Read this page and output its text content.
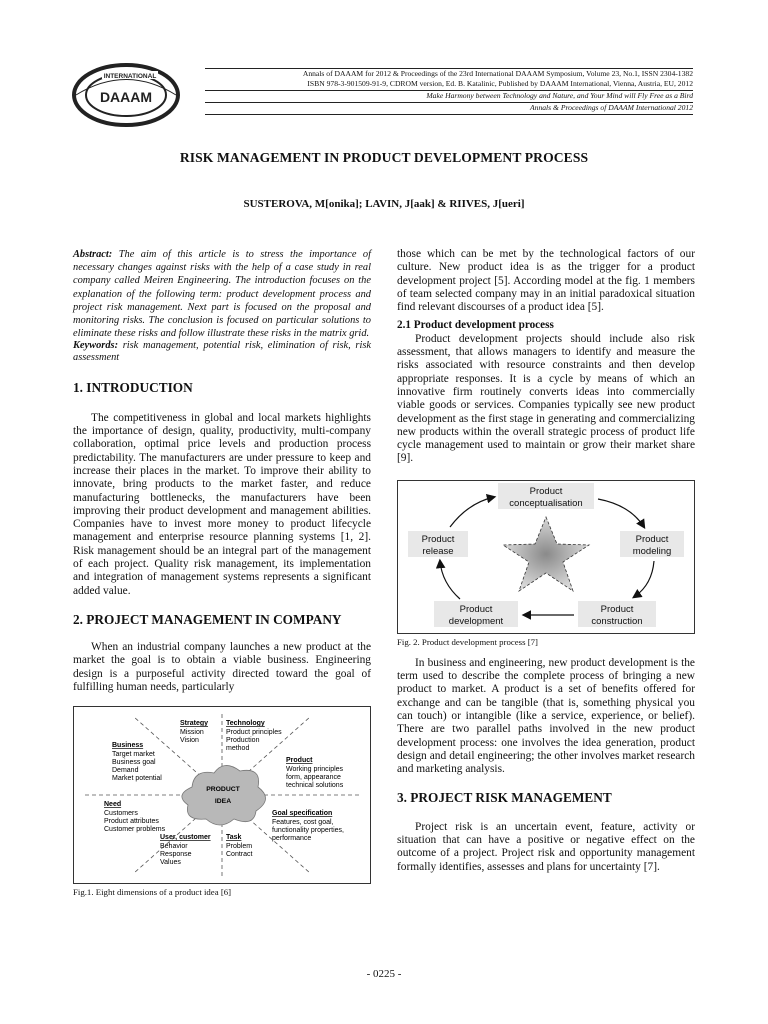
INTERNATIONAL
DAAAM
Annals of DAAAM for 2012 & Proceedings of the 23rd International DAAAM Symposium, Volume 23, No.1, ISSN 2304-1382
ISBN 978-3-901509-91-9, CDROM version, Ed. B. Katalinic, Published by DAAAM International, Vienna, Austria, EU, 2012
Make Harmony between Technology and Nature, and Your Mind will Fly Free as a Bird
Annals & Proceedings of DAAAM International 2012
RISK MANAGEMENT IN PRODUCT DEVELOPMENT PROCESS
SUSTEROVA, M[onika]; LAVIN, J[aak] & RIIVES, J[ueri]

Abstract: The aim of this article is to stress the importance of necessary changes against risks with the help of a case study in real company called Meiren Engineering. The introduction focuses on the explanation of the following term: product development process and project risk management. Next part is focused on the proposal and monitoring risks. The conclusion is focused on particular solutions to eliminate these risks and follow illustrate these risks in the matrix grid.

Keywords: risk management, potential risk, elimination of risk, risk assessment

1. INTRODUCTION

The competitiveness in global and local markets highlights the importance of design, quality, productivity, multi-company collaboration, optimal price levels and production process predictability. The manufacturers are under pressure to keep and increase their places in the market. To improve their ability to innovate, bring products to the market faster, and reduce manufacturing bottlenecks, the manufacturers have been improving their product development and management abilities. Companies have to invest more money to product lifecycle management and enterprise resource planning systems [1, 2]. Risk management should be an integral part of the management of each project. Quality risk management, its implementation and integration of management systems represents a significant added value.

2. PROJECT MANAGEMENT IN COMPANY

When an industrial company launches a new product at the market the goal is to obtain a viable business. Engineering design is a purposeful activity directed toward the goal of fulfilling human needs, particularly

PRODUCT
IDEA
Strategy
Mission
Vision
Technology
Product principles
Production
method
Business
Target market
Business goal
Demand
Market potential
Product
Working principles
form, appearance
technical solutions
Need
Customers
Product attributes
Customer problems
Goal specification
Features, cost goal,
functionality properties,
performance
User, customer
Behavior
Response
Values
Task
Problem
Contract

Fig.1. Eight dimensions of a product idea [6]

those which can be met by the technological factors of our culture. New product idea is as the trigger for a product development project [5]. According model at the fig. 1 members of team selected company may in an initial paradoxical situation find relevant discourses of a product idea [5].

2.1 Product development process

Product development projects should include also risk assessment, that allows managers to identify and measure the risks associated with resource constraints and then develop appropriate responses. It is a cycle by means of which an innovative firm routinely converts ideas into commercially viable goods or services. Companies typically see new product development as the first stage in generating and commercializing new products within the overall strategic process of product life cycle management used to maintain or grow their market share [9].

Product
conceptualisation
Product
modeling
Product
construction
Product
development
Product
release

Fig. 2. Product development process [7]

In business and engineering, new product development is the term used to describe the complete process of bringing a new product to market. A product is a set of benefits offered for exchange and can be tangible (that is, something physical you can touch) or intangible (like a service, experience, or belief). There are two parallel paths involved in the new product development process: one involves the idea generation, product design and detail engineering; the other involves market research and marketing analysis.

3. PROJECT RISK MANAGEMENT

Project risk is an uncertain event, feature, activity or situation that can have a positive or negative effect on the outcome of a project. Project risk and opportunity management formally identifies, assesses and plans for uncertainty [7].

- 0225 -
